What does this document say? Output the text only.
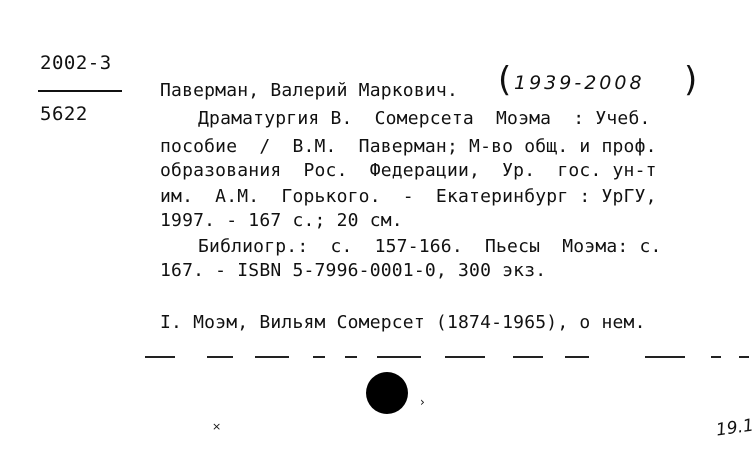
2002-3
5622
Паверман, Валерий Маркович. ( 1939-2008 )
Драматургия В.  Сомерсета  Моэма  : Учеб.
пособие  /  В.М.  Паверман; М-во общ. и проф.
образования  Рос.  Федерации,  Ур.  гос. ун-т
им.  А.М.  Горького.  -  Екатеринбург : УрГУ,
1997. - 167 с.; 20 см.
Библиогр.:  с.  157-166.  Пьесы  Моэма: с.
167. - ISBN 5-7996-0001-0, 300 экз.
I. Моэм, Вильям Сомерсет (1874-1965), о нем.
›
×	19.1
